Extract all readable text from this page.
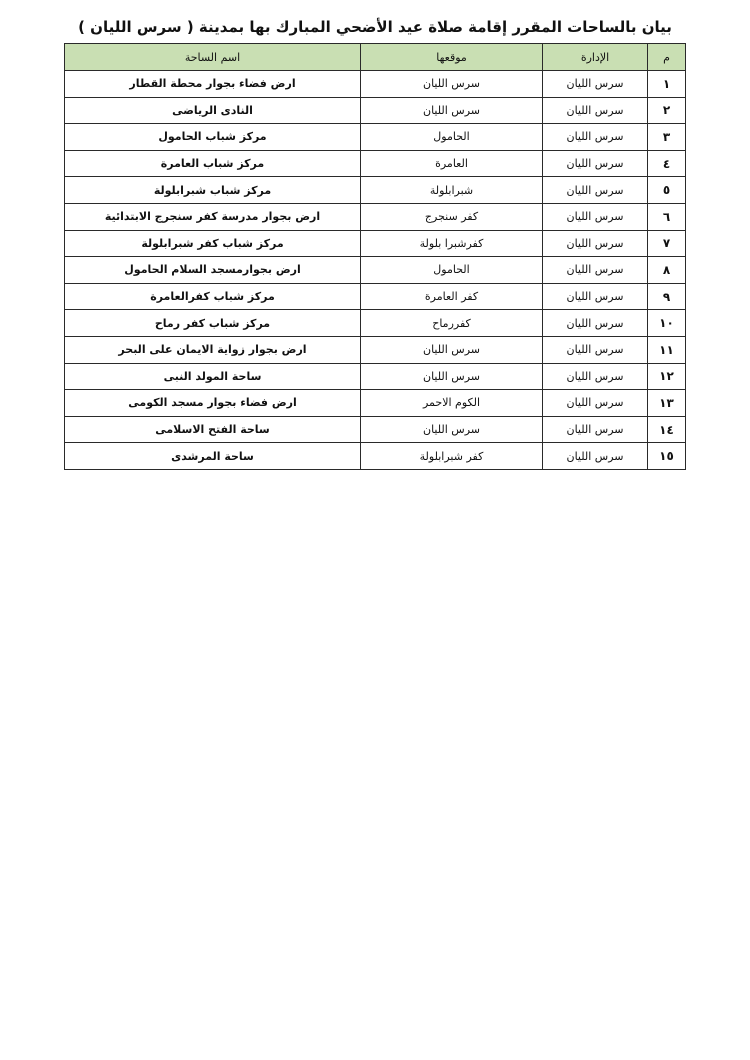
بيان بالساحات المقرر إقامة صلاة عيد الأضحي المبارك بها بمدينة ( سرس الليان )
م	الإدارة	موقعها	اسم الساحة
١	سرس الليان	سرس الليان	ارض فضاء بجوار محطة القطار
٢	سرس الليان	سرس الليان	النادى الرياضى
٣	سرس الليان	الحامول	مركز شباب الحامول
٤	سرس الليان	العامرة	مركز شباب العامرة
٥	سرس الليان	شبرابلولة	مركز شباب شبرابلولة
٦	سرس الليان	كفر سنجرج	ارض بجوار مدرسة كفر سنجرج الابتدائية
٧	سرس الليان	كفرشبرا بلولة	مركز شباب كفر شبرابلولة
٨	سرس الليان	الحامول	ارض بجوارمسجد السلام الحامول
٩	سرس الليان	كفر العامرة	مركز شباب كفرالعامرة
١٠	سرس الليان	كفررماح	مركز شباب كفر رماح
١١	سرس الليان	سرس الليان	ارض بجوار زواية الايمان على البحر
١٢	سرس الليان	سرس الليان	ساحة المولد النبى
١٣	سرس الليان	الكوم الاحمر	ارض فضاء بجوار مسجد الكومى
١٤	سرس الليان	سرس الليان	ساحة الفتح الاسلامى
١٥	سرس الليان	كفر شبرابلولة	ساحة المرشدى
